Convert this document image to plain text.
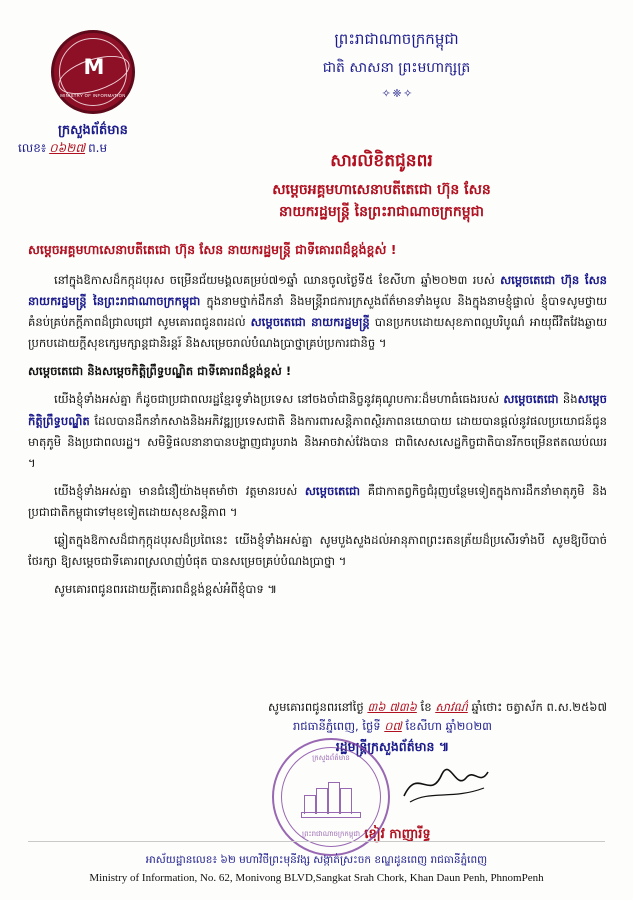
M
MINISTRY OF INFORMATION
ក្រសួងព័ត៌មាន
លេខ៖ ០៦២៧ ព.ម
ព្រះរាជាណាចក្រកម្ពុជា
ជាតិ សាសនា ព្រះមហាក្សត្រ
✧ ❈ ✧
សារលិខិតជូនពរ
សម្តេចអគ្គមហាសេនាបតីតេជោ ហ៊ុន សែន
នាយករដ្ឋមន្ត្រី នៃព្រះរាជាណាចក្រកម្ពុជា
សម្តេចអគ្គមហាសេនាបតីតេជោ ហ៊ុន សែន នាយករដ្ឋមន្ត្រី ជាទីគោរពដ៏ខ្ពង់ខ្ពស់ !

នៅក្នុងឱកាសដ៏កក្កុដបុរស ចម្រើនជ័យមង្គលគម្រប់៧១ឆ្នាំ ឈានចូលថ្ងៃទី៥ ខែសីហា ឆ្នាំ២០២៣ របស់ សម្តេចតេជោ ហ៊ុន សែន នាយករដ្ឋមន្ត្រី នៃព្រះរាជាណាចក្រកម្ពុជា ក្នុងនាមថ្នាក់ដឹកនាំ និងមន្ត្រីរាជការក្រសួងព័ត៌មានទាំងមូល និងក្នុងនាមខ្ញុំផ្ទាល់ ខ្ញុំបាទសូមថ្វាយគំនប់គ្រប់ភក្តីភាពដ៏ជ្រាលជ្រៅ សូមគោរពជូនពរដល់ សម្តេចតេជោ នាយករដ្ឋមន្ត្រី បានប្រកបដោយសុខភាពល្អបរិបូណ៌ អាយុជីវិតវែងឆ្ងាយ ប្រកបដោយក្តីសុខក្សេមក្សាន្តជានិរន្តរ៍ និងសម្រេចរាល់បំណងប្រាថ្នាគ្រប់ប្រការជានិច្ច ។

សម្តេចតេជោ និងសម្តេចកិត្តិព្រឹទ្ធបណ្ឌិត ជាទីគោរពដ៏ខ្ពង់ខ្ពស់ !

យើងខ្ញុំទាំងអស់គ្នា ក៏ដូចជាប្រជាពលរដ្ឋខ្មែរទូទាំងប្រទេស នៅចងចាំជានិច្ចនូវគុណូបការៈដ៏មហាធំធេងរបស់ សម្តេចតេជោ និងសម្តេចកិត្តិព្រឹទ្ធបណ្ឌិត ដែលបានដឹកនាំកសាងនិងអភិវឌ្ឍប្រទេសជាតិ និងការពារសន្តិភាពស្ថិរភាពនយោបាយ ដោយបានផ្តល់នូវផលប្រយោជន៍ជូនមាតុភូមិ និងប្រជាពលរដ្ឋ។ សមិទ្ធិផលនានាបានបង្ហាញជារូបរាង និងអាចវាស់វែងបាន ជាពិសេសសេដ្ឋកិច្ចជាតិបានរីកចម្រើនឥតឈប់ឈរ ។

យើងខ្ញុំទាំងអស់គ្នា មានជំនឿយ៉ាងមុតមាំថា វត្តមានរបស់ សម្តេចតេជោ គឺជាកាតព្វកិច្ចជំរុញបន្ថែមទៀតក្នុងការដឹកនាំមាតុភូមិ និងប្រជាជាតិកម្ពុជាទៅមុខទៀតដោយសុខសន្តិភាព ។

ឆ្លៀតក្នុងឱកាសដ៏ជាកុក្កុដបុរសដ៏ប្រពៃនេះ យើងខ្ញុំទាំងអស់គ្នា សូមបួងសួងដល់អានុភាពព្រះរតនត្រ័យដ៏ប្រសើរទាំងបី សូមឱ្យបីបាច់ ថែរក្សា ឱ្យសម្តេចជាទីគោរពស្រលាញ់បំផុត បានសម្រេចគ្រប់បំណងប្រាថ្នា ។

សូមគោរពជូនពរដោយក្តីគោរពដ៏ខ្ពង់ខ្ពស់អំពីខ្ញុំបាទ ៕

សូមគោរពជូនពរនៅថ្ងៃ ៣៦ ៧៣៦ ខែ សាវណ៌ ឆ្នាំថោះ ចត្វាស័ក ព.ស.២៥៦៧
រាជធានីភ្នំពេញ, ថ្ងៃទី ០៧ ខែសីហា ឆ្នាំ២០២៣
រដ្ឋមន្ត្រីក្រសួងព័ត៌មាន ៕
ខៀវ កាញារីទ្ធ
ក្រសួងព័ត៌មាន
ព្រះរាជាណាចក្រកម្ពុជា
អាស័យដ្ឋានលេខ៖ ៦២ មហាវិថីព្រះមុនីវង្ស សង្កាត់ស្រះចក ខណ្ឌដូនពេញ រាជធានីភ្នំពេញ
Ministry of Information, No. 62, Monivong BLVD,Sangkat Srah Chork, Khan Daun Penh, PhnomPenh
